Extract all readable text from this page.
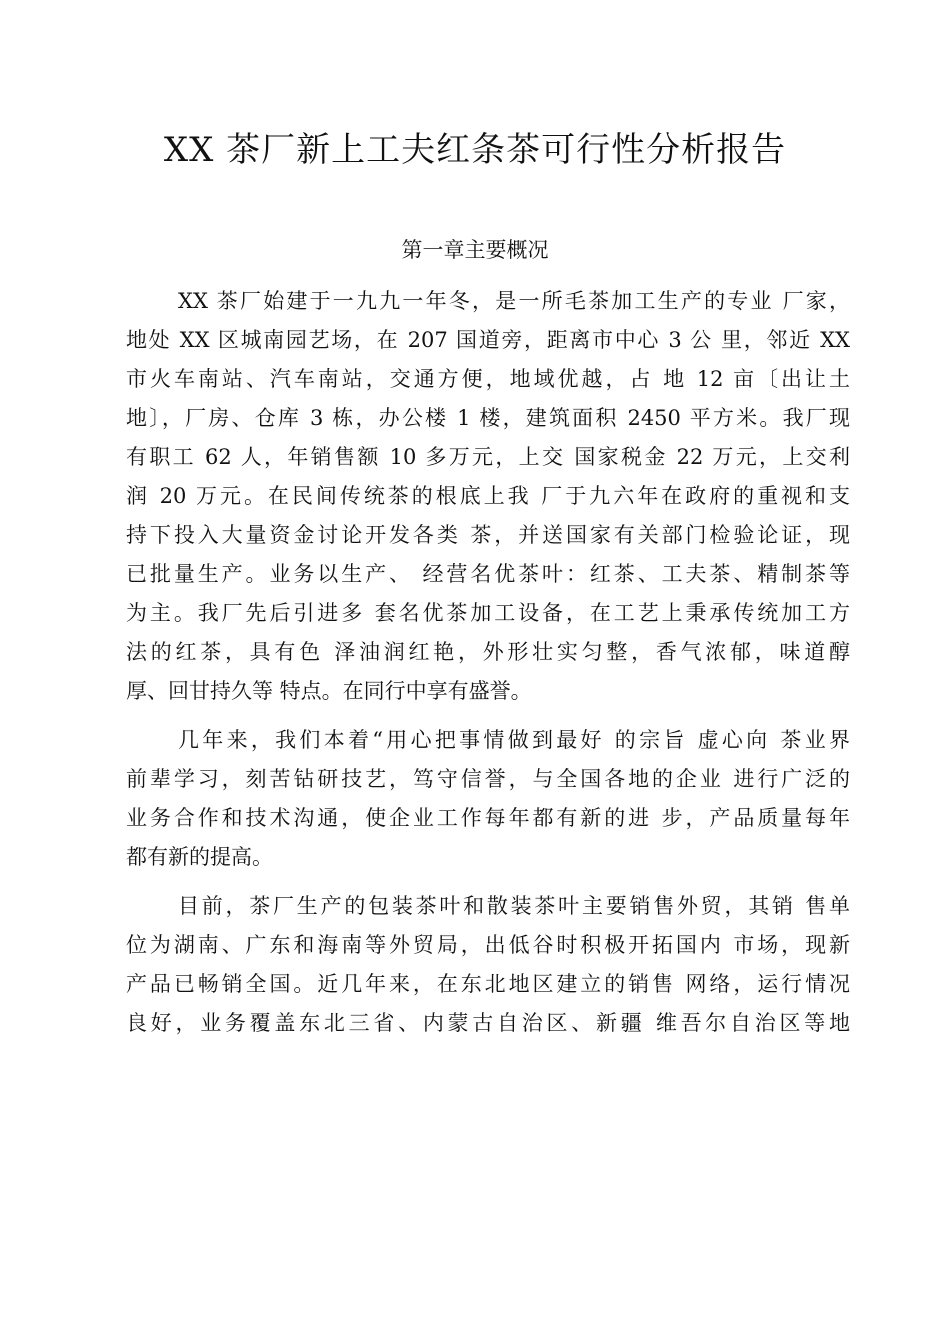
XX 茶厂新上工夫红条茶可行性分析报告
第一章主要概况
XX 茶厂始建于一九九一年冬，是一所毛茶加工生产的专业 厂家，
地处 XX 区城南园艺场，在 207 国道旁，距离市中心 3 公 里，邻近 XX
市火车南站、汽车南站，交通方便，地域优越，占 地 12 亩〔出让土
地〕，厂房、仓库 3 栋，办公楼 1 楼，建筑面积 2450 平方米。我厂现
有职工 62 人，年销售额 10 多万元，上交 国家税金 22 万元，上交利
润 20 万元。在民间传统茶的根底上我 厂于九六年在政府的重视和支
持下投入大量资金讨论开发各类 茶，并送国家有关部门检验论证，现
已批量生产。业务以生产、 经营名优茶叶：红茶、工夫茶、精制茶等
为主。我厂先后引进多 套名优茶加工设备，在工艺上秉承传统加工方
法的红茶，具有色 泽油润红艳，外形壮实匀整，香气浓郁，味道醇
厚、回甘持久等 特点。在同行中享有盛誉。
几年来，我们本着“用心把事情做到最好 的宗旨 虚心向 茶业界
前辈学习，刻苦钻研技艺，笃守信誉，与全国各地的企业 进行广泛的
业务合作和技术沟通，使企业工作每年都有新的进 步，产品质量每年
都有新的提高。
目前，茶厂生产的包装茶叶和散装茶叶主要销售外贸，其销 售单
位为湖南、广东和海南等外贸局，出低谷时积极开拓国内 市场，现新
产品已畅销全国。近几年来，在东北地区建立的销售 网络，运行情况
良好，业务覆盖东北三省、内蒙古自治区、新疆 维吾尔自治区等地
